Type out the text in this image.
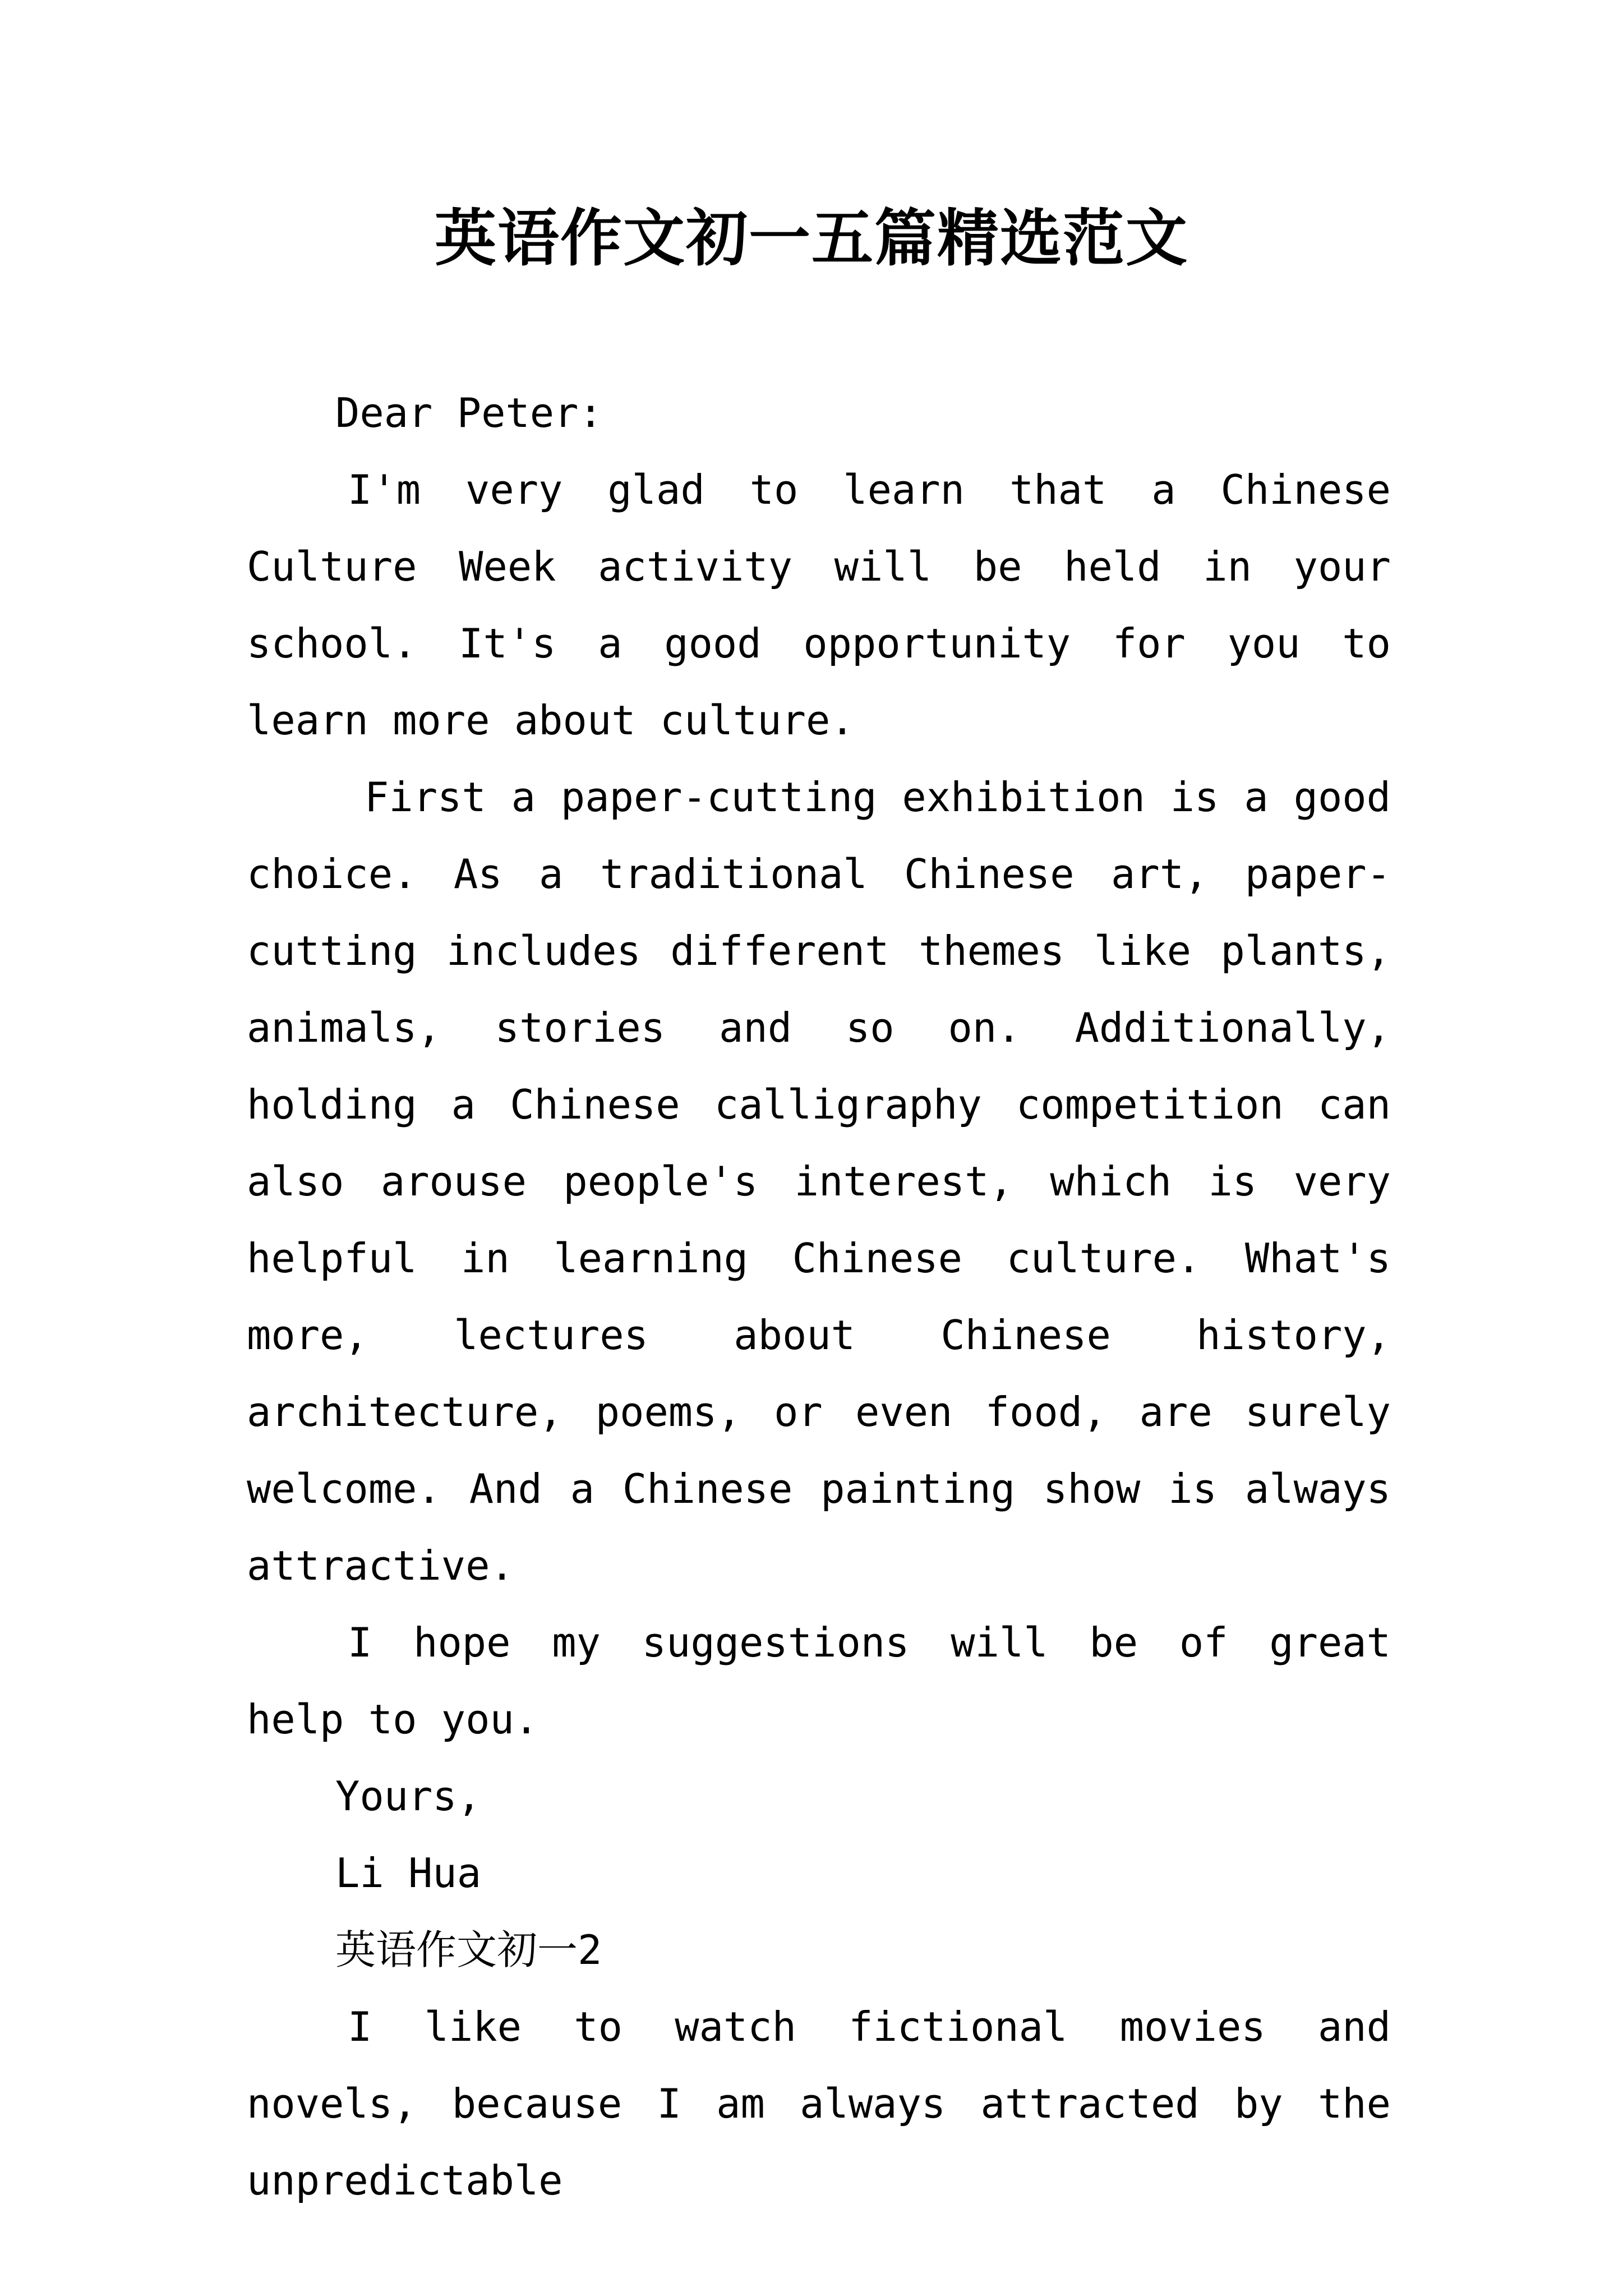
英语作文初一五篇精选范文

Dear Peter:

I'm very glad to learn that a Chinese Culture Week activity will be held in your school. It's a good opportunity for you to learn more about culture.

First a paper-cutting exhibition is a good choice. As a traditional Chinese art, paper-cutting includes different themes like plants, animals, stories and so on. Additionally, holding a Chinese calligraphy competition can also arouse people's interest, which is very helpful in learning Chinese culture. What's more, lectures about Chinese history, architecture, poems, or even food, are surely welcome. And a Chinese painting show is always attractive.

I hope my suggestions will be of great help to you.

Yours,

Li Hua

英语作文初一2

I like to watch fictional movies and novels, because I am always attracted by the unpredictable
